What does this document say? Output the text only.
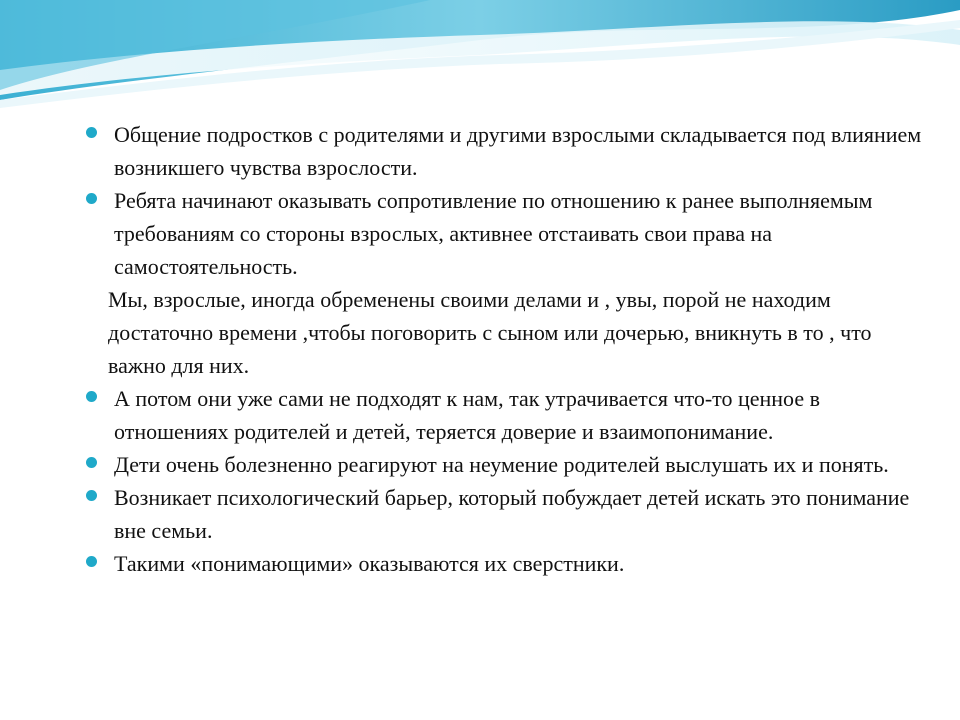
Общение подростков с родителями и другими взрослыми складывается под влиянием возникшего чувства взрослости.
Ребята начинают оказывать сопротивление по отношению к ранее выполняемым требованиям со стороны взрослых, активнее отстаивать свои права на самостоятельность.
Мы, взрослые, иногда обременены своими делами и , увы, порой не находим достаточно времени ,чтобы поговорить с сыном или дочерью, вникнуть в то , что важно для них.
А потом они уже сами не подходят к нам, так утрачивается что-то ценное в отношениях родителей и детей, теряется доверие и взаимопонимание.
Дети очень болезненно реагируют на неумение родителей выслушать их и понять.
Возникает психологический барьер, который побуждает детей искать это понимание вне семьи.
Такими «понимающими» оказываются их сверстники.
